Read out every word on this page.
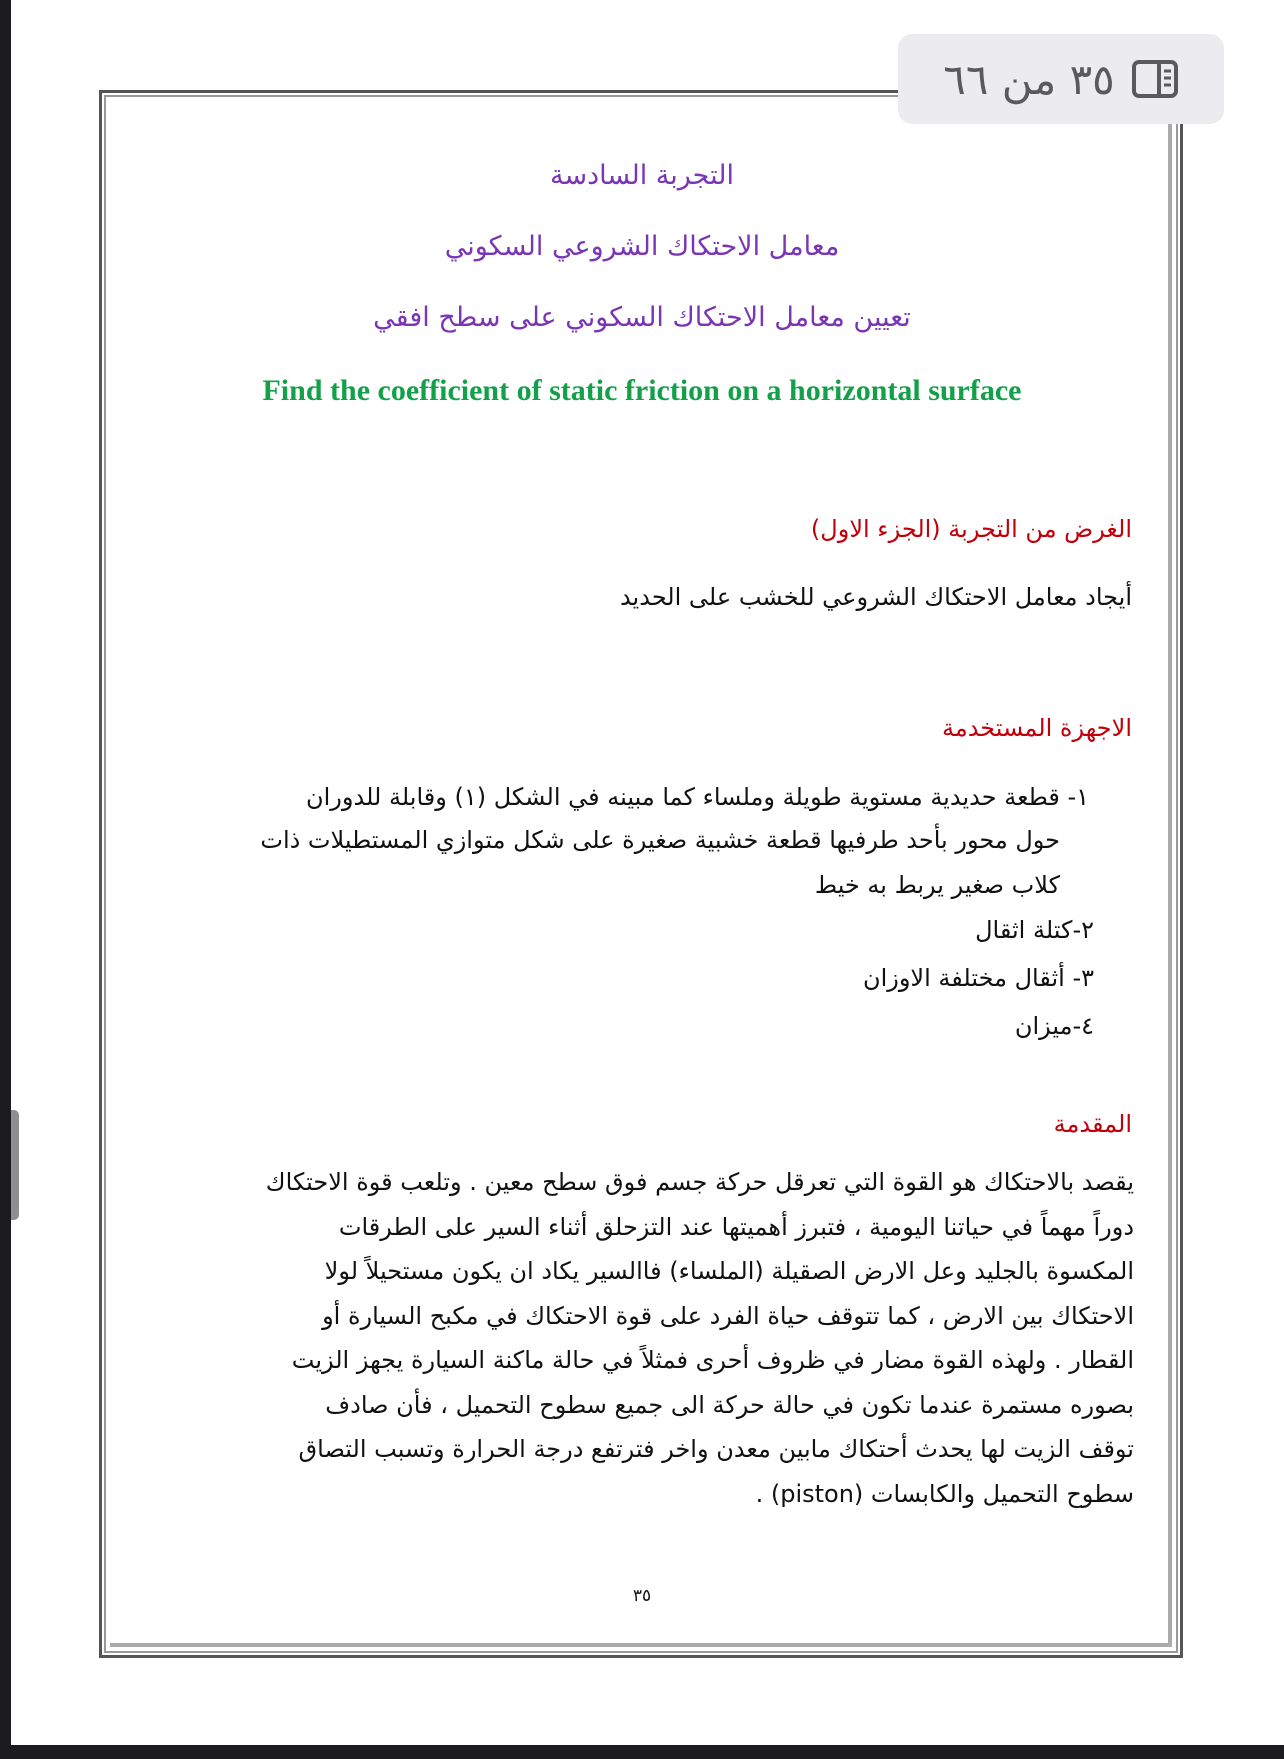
٣٥ من ٦٦
التجربة السادسة
معامل الاحتكاك الشروعي السكوني
تعيين معامل الاحتكاك السكوني على سطح افقي
Find the coefficient of static friction on a horizontal surface
الغرض من التجربة (الجزء الاول)
أيجاد معامل الاحتكاك الشروعي للخشب على الحديد
الاجهزة المستخدمة
١- قطعة حديدية مستوية طويلة وملساء كما مبينه في الشكل (١) وقابلة للدوران
حول محور بأحد طرفيها قطعة خشبية صغيرة على شكل متوازي المستطيلات ذات
كلاب صغير يربط به خيط
٢-كتلة اثقال
٣- أثقال مختلفة الاوزان
٤-ميزان
المقدمة
يقصد بالاحتكاك هو القوة التي تعرقل حركة جسم فوق سطح معين . وتلعب قوة الاحتكاك
دوراً مهماً في حياتنا اليومية ، فتبرز أهميتها عند التزحلق أثناء السير على الطرقات
المكسوة بالجليد وعل الارض الصقيلة (الملساء) فاالسير يكاد ان يكون مستحيلاً لولا
الاحتكاك بين الارض ، كما تتوقف حياة الفرد على قوة الاحتكاك في مكبح السيارة أو
القطار . ولهذه القوة مضار في ظروف أحرى فمثلاً في حالة ماكنة السيارة يجهز الزيت
بصوره مستمرة عندما تكون في حالة حركة الى جميع سطوح التحميل ، فأن صادف
توقف الزيت لها يحدث أحتكاك مابين معدن واخر فترتفع درجة الحرارة وتسبب التصاق
سطوح التحميل والكابسات (piston) .
٣٥
